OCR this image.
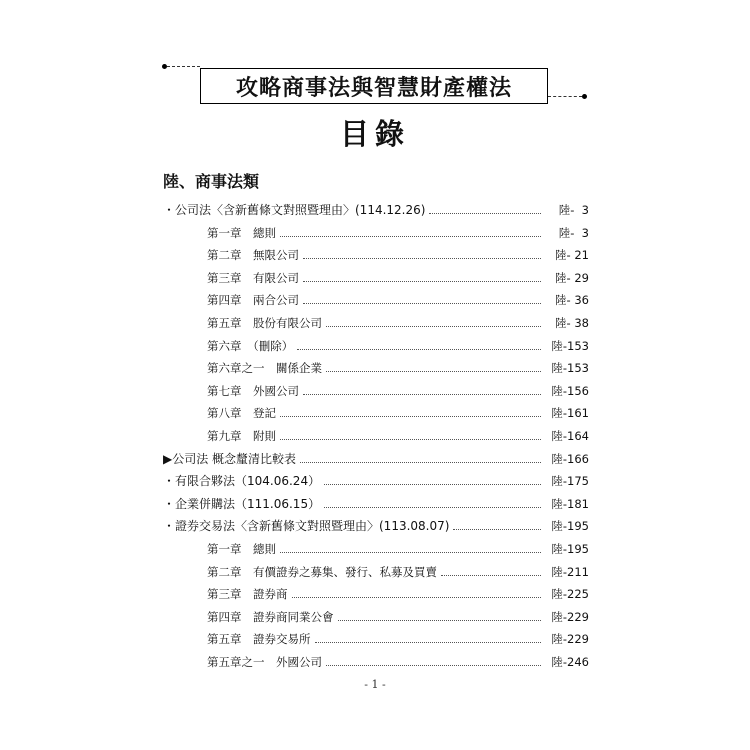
攻略商事法與智慧財產權法
目錄
陸、商事法類
・公司法〈含新舊條文對照暨理由〉(114.12.26)	陸-  3
第一章　總則	陸-  3
第二章　無限公司	陸- 21
第三章　有限公司	陸- 29
第四章　兩合公司	陸- 36
第五章　股份有限公司	陸- 38
第六章　（刪除）	陸-153
第六章之一　關係企業	陸-153
第七章　外國公司	陸-156
第八章　登記	陸-161
第九章　附則	陸-164
▶公司法 概念釐清比較表	陸-166
・有限合夥法（104.06.24）	陸-175
・企業併購法（111.06.15）	陸-181
・證券交易法〈含新舊條文對照暨理由〉(113.08.07)	陸-195
第一章　總則	陸-195
第二章　有價證券之募集、發行、私募及買賣	陸-211
第三章　證券商	陸-225
第四章　證券商同業公會	陸-229
第五章　證券交易所	陸-229
第五章之一　外國公司	陸-246
- 1 -
